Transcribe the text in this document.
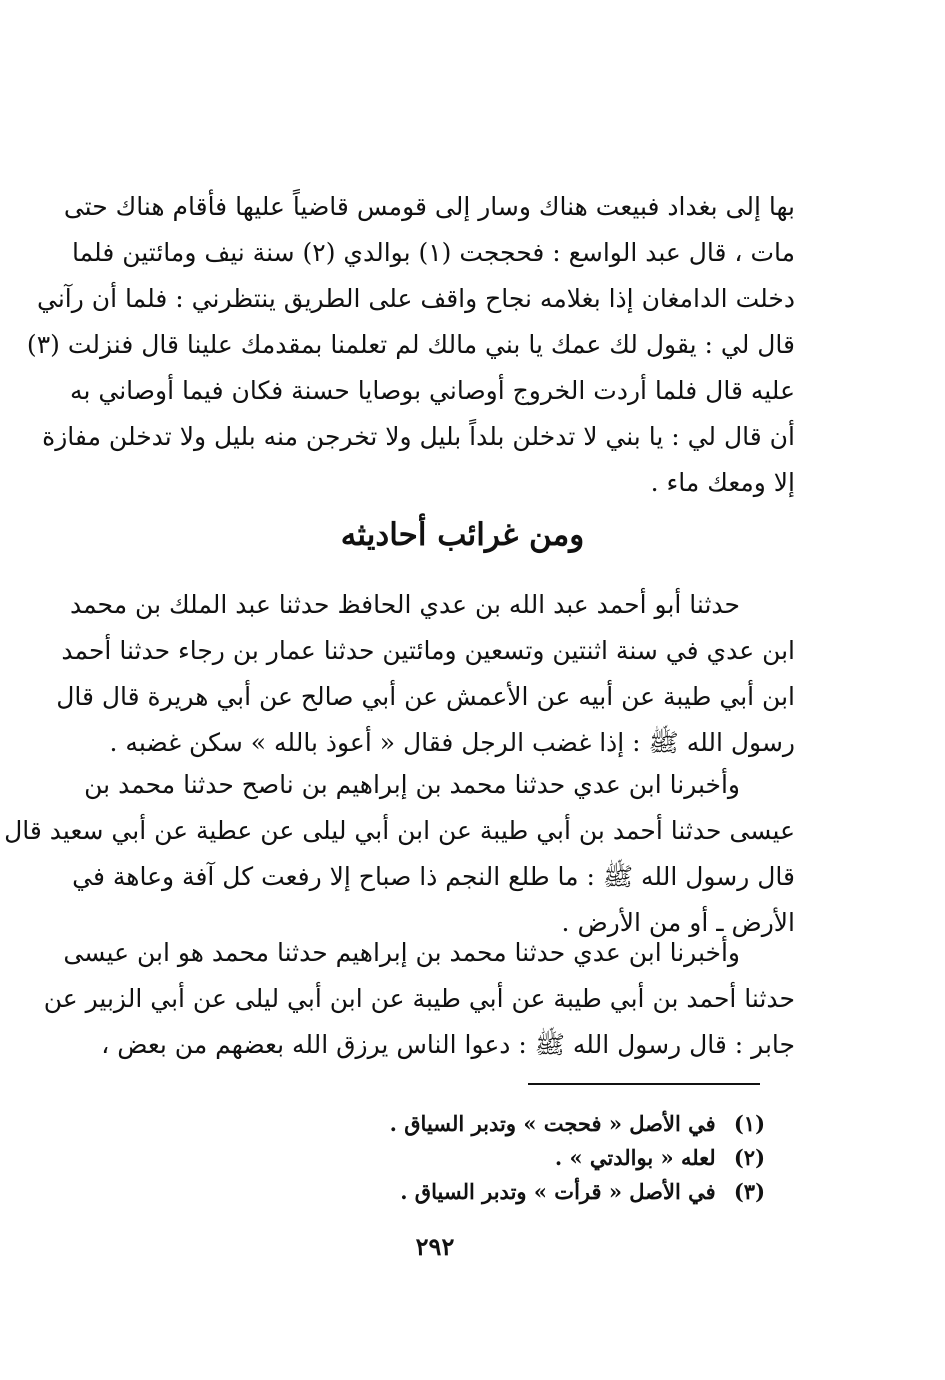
بها إلى بغداد فبيعت هناك وسار إلى قومس قاضياً عليها فأقام هناك حتى
مات ، قال عبد الواسع : فحججت (١) بوالدي (٢) سنة نيف ومائتين فلما
دخلت الدامغان إذا بغلامه نجاح واقف على الطريق ينتظرني : فلما أن رآني
قال لي : يقول لك عمك يا بني مالك لم تعلمنا بمقدمك علينا قال فنزلت (٣)
عليه قال فلما أردت الخروج أوصاني بوصايا حسنة فكان فيما أوصاني به
أن قال لي : يا بني لا تدخلن بلداً بليل ولا تخرجن منه بليل ولا تدخلن مفازة
إلا ومعك ماء .
ومن غرائب أحاديثه
حدثنا أبو أحمد عبد الله بن عدي الحافظ حدثنا عبد الملك بن محمد
ابن عدي في سنة اثنتين وتسعين ومائتين حدثنا عمار بن رجاء حدثنا أحمد
ابن أبي طيبة عن أبيه عن الأعمش عن أبي صالح عن أبي هريرة قال قال
رسول الله ﷺ : إذا غضب الرجل فقال « أعوذ بالله » سكن غضبه .
وأخبرنا ابن عدي حدثنا محمد بن إبراهيم بن ناصح حدثنا محمد بن
عيسى حدثنا أحمد بن أبي طيبة عن ابن أبي ليلى عن عطية عن أبي سعيد قال
قال رسول الله ﷺ : ما طلع النجم ذا صباح إلا رفعت كل آفة وعاهة في
الأرض ـ أو من الأرض .
وأخبرنا ابن عدي حدثنا محمد بن إبراهيم حدثنا محمد هو ابن عيسى
حدثنا أحمد بن أبي طيبة عن أبي طيبة عن ابن أبي ليلى عن أبي الزبير عن
جابر : قال رسول الله ﷺ : دعوا الناس يرزق الله بعضهم من بعض ،
(١) في الأصل « فحجت » وتدبر السياق .
(٢) لعله « بوالدتي » .
(٣) في الأصل « قرأت » وتدبر السياق .
٢٩٢
